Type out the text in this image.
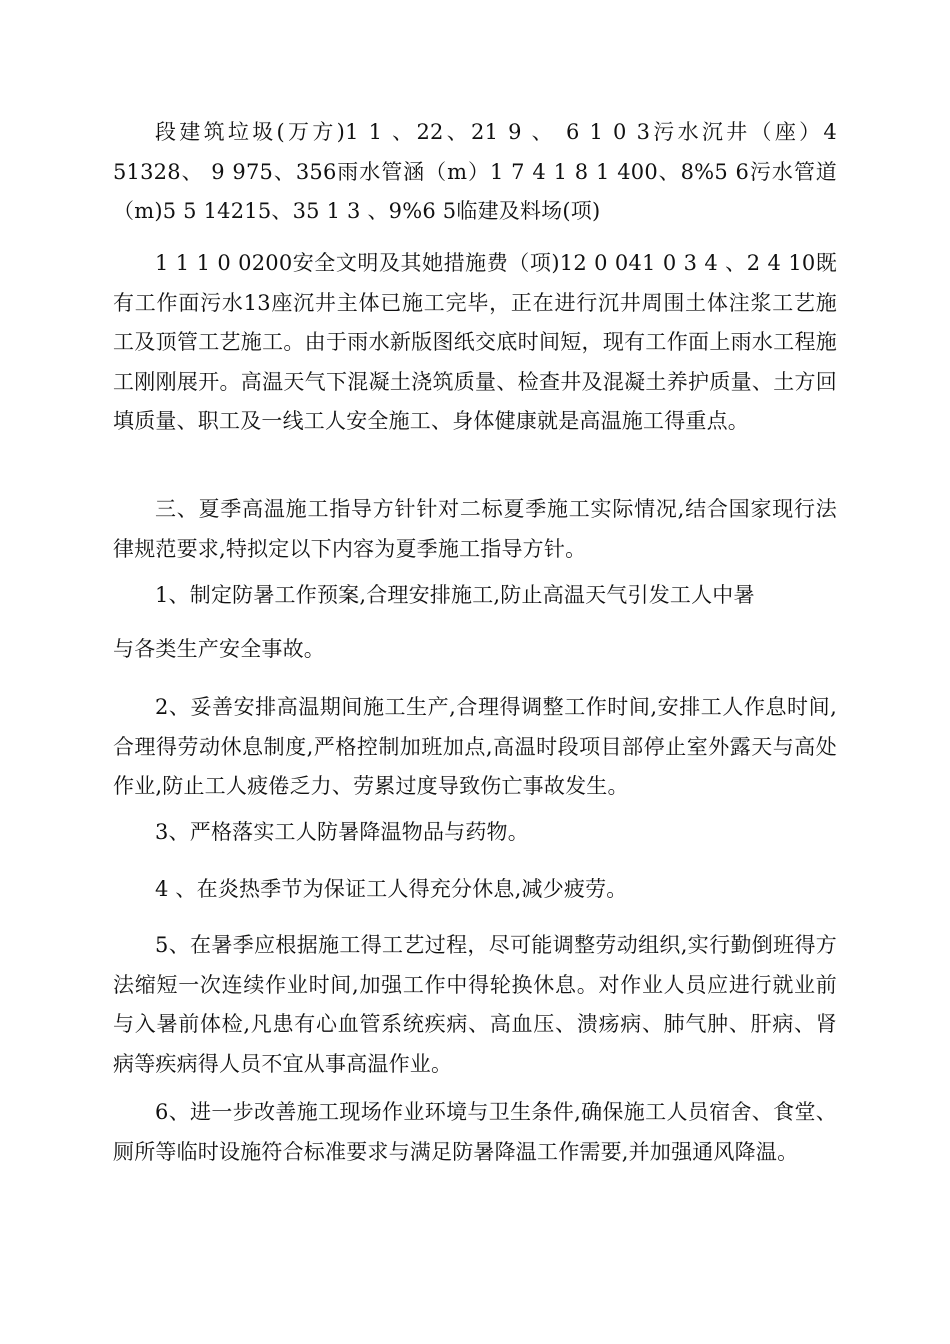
段建筑垃圾(万方)1 1 、22、21 9 、 6 1 0 3污水沉井（座）4 51328、 9 975、356雨水管涵（m）1 7 4 1 8 1 400、8%5 6污水管道（m)5 5 14215、35 1 3 、9%6 5临建及料场(项)

1 1 1 0 0200安全文明及其她措施费（项)12 0 041 0 3 4 、2 4 10既有工作面污水13座沉井主体已施工完毕，正在进行沉井周围土体注浆工艺施工及顶管工艺施工。由于雨水新版图纸交底时间短，现有工作面上雨水工程施工刚刚展开。高温天气下混凝土浇筑质量、检查井及混凝土养护质量、土方回填质量、职工及一线工人安全施工、身体健康就是高温施工得重点。

三、夏季高温施工指导方针针对二标夏季施工实际情况,结合国家现行法律规范要求,特拟定以下内容为夏季施工指导方针。

1、制定防暑工作预案,合理安排施工,防止高温天气引发工人中暑

与各类生产安全事故。

2、妥善安排高温期间施工生产,合理得调整工作时间,安排工人作息时间,合理得劳动休息制度,严格控制加班加点,高温时段项目部停止室外露天与高处作业,防止工人疲倦乏力、劳累过度导致伤亡事故发生。

3、严格落实工人防暑降温物品与药物。

4 、在炎热季节为保证工人得充分休息,减少疲劳。

5、在暑季应根据施工得工艺过程，尽可能调整劳动组织,实行勤倒班得方法缩短一次连续作业时间,加强工作中得轮换休息。对作业人员应进行就业前与入暑前体检,凡患有心血管系统疾病、高血压、溃疡病、肺气肿、肝病、肾病等疾病得人员不宜从事高温作业。

6、进一步改善施工现场作业环境与卫生条件,确保施工人员宿舍、食堂、厕所等临时设施符合标准要求与满足防暑降温工作需要,并加强通风降温。
